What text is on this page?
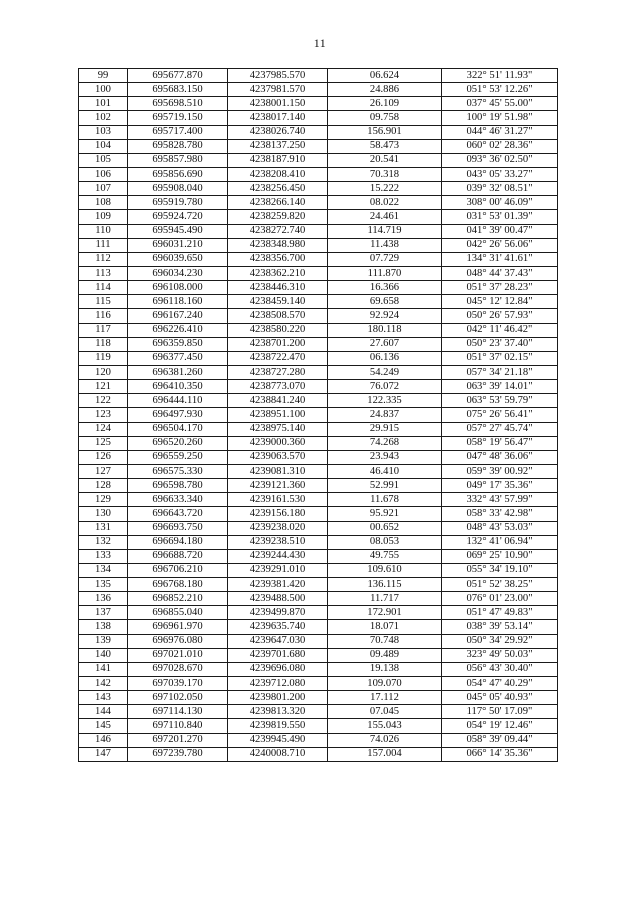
11
99	695677.870	4237985.570	06.624	322° 51' 11.93"
100	695683.150	4237981.570	24.886	051° 53' 12.26"
101	695698.510	4238001.150	26.109	037° 45' 55.00"
102	695719.150	4238017.140	09.758	100° 19' 51.98"
103	695717.400	4238026.740	156.901	044° 46' 31.27"
104	695828.780	4238137.250	58.473	060° 02' 28.36"
105	695857.980	4238187.910	20.541	093° 36' 02.50"
106	695856.690	4238208.410	70.318	043° 05' 33.27"
107	695908.040	4238256.450	15.222	039° 32' 08.51"
108	695919.780	4238266.140	08.022	308° 00' 46.09"
109	695924.720	4238259.820	24.461	031° 53' 01.39"
110	695945.490	4238272.740	114.719	041° 39' 00.47"
111	696031.210	4238348.980	11.438	042° 26' 56.06"
112	696039.650	4238356.700	07.729	134° 31' 41.61"
113	696034.230	4238362.210	111.870	048° 44' 37.43"
114	696108.000	4238446.310	16.366	051° 37' 28.23"
115	696118.160	4238459.140	69.658	045° 12' 12.84"
116	696167.240	4238508.570	92.924	050° 26' 57.93"
117	696226.410	4238580.220	180.118	042° 11' 46.42"
118	696359.850	4238701.200	27.607	050° 23' 37.40"
119	696377.450	4238722.470	06.136	051° 37' 02.15"
120	696381.260	4238727.280	54.249	057° 34' 21.18"
121	696410.350	4238773.070	76.072	063° 39' 14.01"
122	696444.110	4238841.240	122.335	063° 53' 59.79"
123	696497.930	4238951.100	24.837	075° 26' 56.41"
124	696504.170	4238975.140	29.915	057° 27' 45.74"
125	696520.260	4239000.360	74.268	058° 19' 56.47"
126	696559.250	4239063.570	23.943	047° 48' 36.06"
127	696575.330	4239081.310	46.410	059° 39' 00.92"
128	696598.780	4239121.360	52.991	049° 17' 35.36"
129	696633.340	4239161.530	11.678	332° 43' 57.99"
130	696643.720	4239156.180	95.921	058° 33' 42.98"
131	696693.750	4239238.020	00.652	048° 43' 53.03"
132	696694.180	4239238.510	08.053	132° 41' 06.94"
133	696688.720	4239244.430	49.755	069° 25' 10.90"
134	696706.210	4239291.010	109.610	055° 34' 19.10"
135	696768.180	4239381.420	136.115	051° 52' 38.25"
136	696852.210	4239488.500	11.717	076° 01' 23.00"
137	696855.040	4239499.870	172.901	051° 47' 49.83"
138	696961.970	4239635.740	18.071	038° 39' 53.14"
139	696976.080	4239647.030	70.748	050° 34' 29.92"
140	697021.010	4239701.680	09.489	323° 49' 50.03"
141	697028.670	4239696.080	19.138	056° 43' 30.40"
142	697039.170	4239712.080	109.070	054° 47' 40.29"
143	697102.050	4239801.200	17.112	045° 05' 40.93"
144	697114.130	4239813.320	07.045	117° 50' 17.09"
145	697110.840	4239819.550	155.043	054° 19' 12.46"
146	697201.270	4239945.490	74.026	058° 39' 09.44"
147	697239.780	4240008.710	157.004	066° 14' 35.36"
